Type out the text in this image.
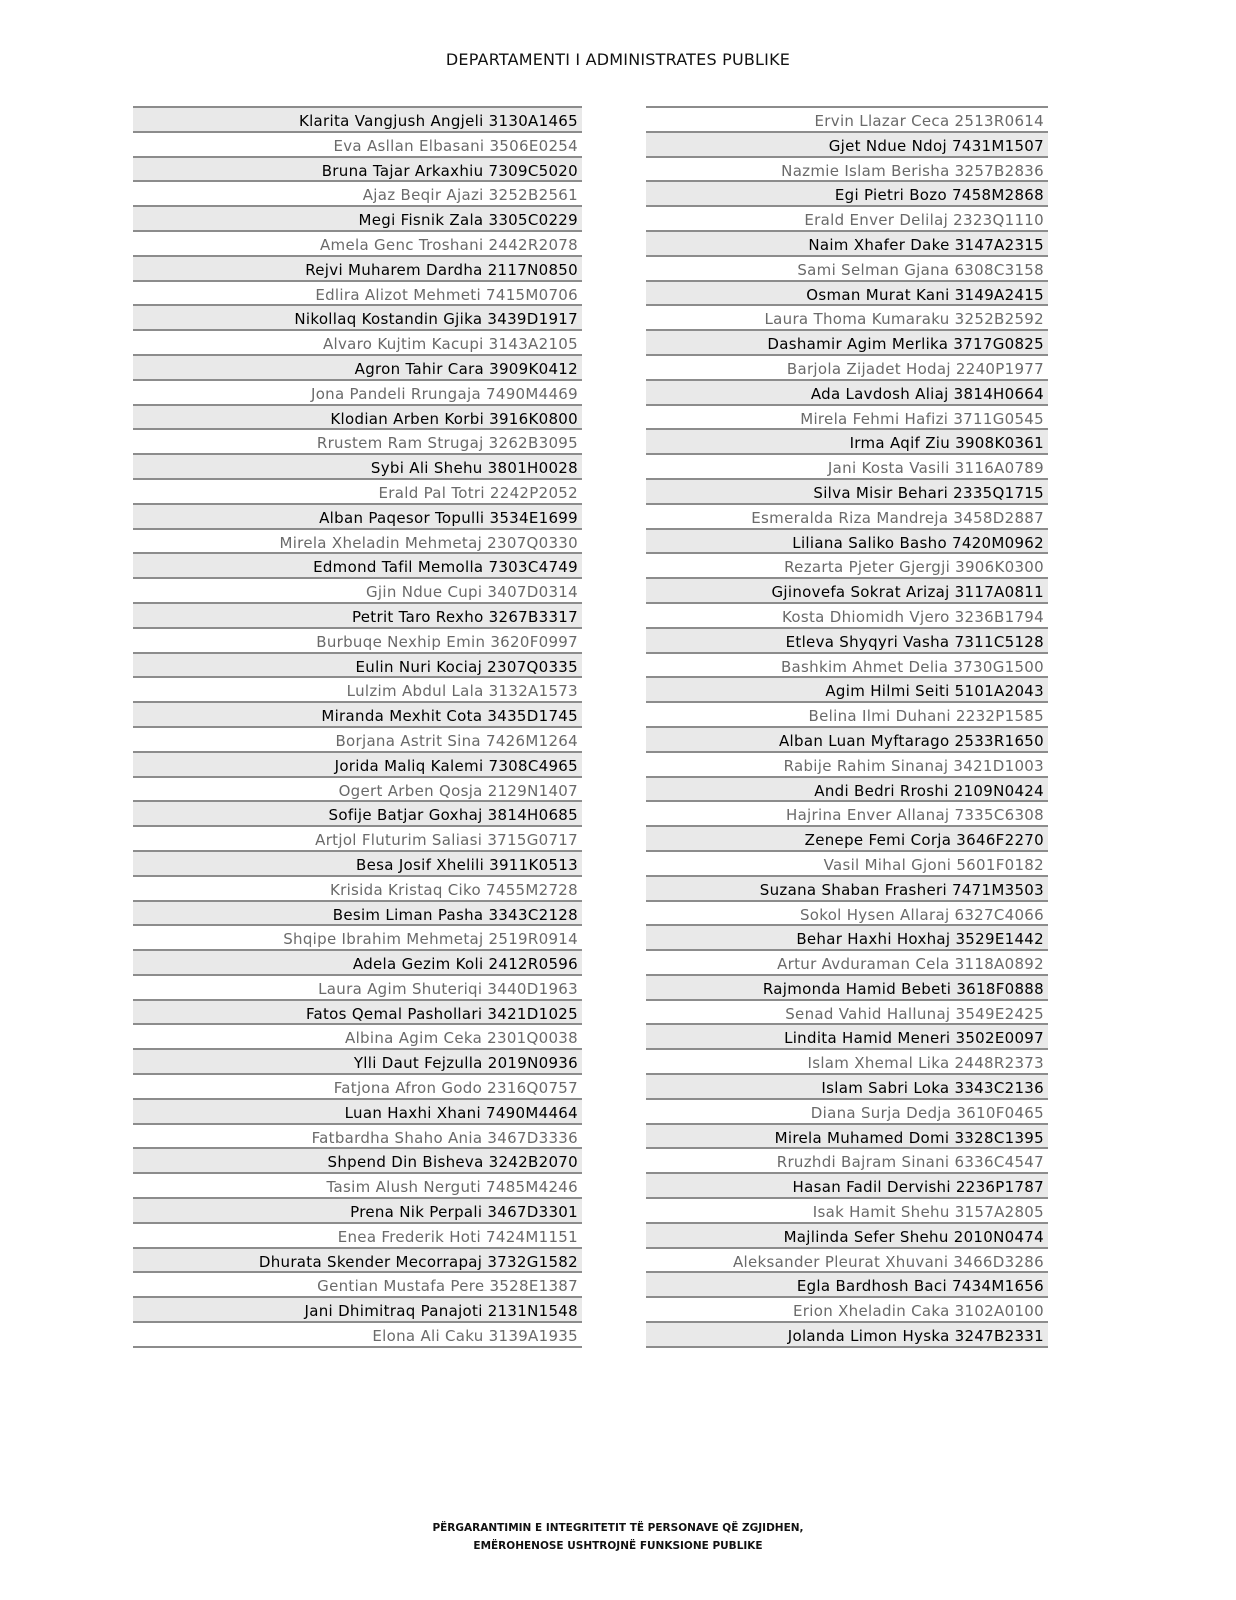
DEPARTAMENTI I ADMINISTRATES PUBLIKE
Klarita Vangjush Angjeli 3130A1465
Eva Asllan Elbasani 3506E0254
Bruna Tajar Arkaxhiu 7309C5020
Ajaz Beqir Ajazi 3252B2561
Megi Fisnik Zala 3305C0229
Amela Genc Troshani 2442R2078
Rejvi Muharem Dardha 2117N0850
Edlira Alizot Mehmeti 7415M0706
Nikollaq Kostandin Gjika 3439D1917
Alvaro Kujtim Kacupi 3143A2105
Agron Tahir Cara 3909K0412
Jona Pandeli Rrungaja 7490M4469
Klodian Arben Korbi 3916K0800
Rrustem Ram Strugaj 3262B3095
Sybi Ali Shehu 3801H0028
Erald Pal Totri 2242P2052
Alban Paqesor Topulli 3534E1699
Mirela Xheladin Mehmetaj 2307Q0330
Edmond Tafil Memolla 7303C4749
Gjin Ndue Cupi 3407D0314
Petrit Taro Rexho 3267B3317
Burbuqe Nexhip Emin 3620F0997
Eulin Nuri Kociaj 2307Q0335
Lulzim Abdul Lala 3132A1573
Miranda Mexhit Cota 3435D1745
Borjana Astrit Sina 7426M1264
Jorida Maliq Kalemi 7308C4965
Ogert Arben Qosja 2129N1407
Sofije Batjar Goxhaj 3814H0685
Artjol Fluturim Saliasi 3715G0717
Besa Josif Xhelili 3911K0513
Krisida Kristaq Ciko 7455M2728
Besim Liman Pasha 3343C2128
Shqipe Ibrahim Mehmetaj 2519R0914
Adela Gezim Koli 2412R0596
Laura Agim Shuteriqi 3440D1963
Fatos Qemal Pashollari 3421D1025
Albina Agim Ceka 2301Q0038
Ylli Daut Fejzulla 2019N0936
Fatjona Afron Godo 2316Q0757
Luan Haxhi Xhani 7490M4464
Fatbardha Shaho Ania 3467D3336
Shpend Din Bisheva 3242B2070
Tasim Alush Nerguti 7485M4246
Prena Nik Perpali 3467D3301
Enea Frederik Hoti 7424M1151
Dhurata Skender Mecorrapaj 3732G1582
Gentian Mustafa Pere 3528E1387
Jani Dhimitraq Panajoti 2131N1548
Elona Ali Caku 3139A1935
Ervin Llazar Ceca 2513R0614
Gjet Ndue Ndoj 7431M1507
Nazmie Islam Berisha 3257B2836
Egi Pietri Bozo 7458M2868
Erald Enver Delilaj 2323Q1110
Naim Xhafer Dake 3147A2315
Sami Selman Gjana 6308C3158
Osman Murat Kani 3149A2415
Laura Thoma Kumaraku 3252B2592
Dashamir Agim Merlika 3717G0825
Barjola Zijadet Hodaj 2240P1977
Ada Lavdosh Aliaj 3814H0664
Mirela Fehmi Hafizi 3711G0545
Irma Aqif Ziu 3908K0361
Jani Kosta Vasili 3116A0789
Silva Misir Behari 2335Q1715
Esmeralda Riza Mandreja 3458D2887
Liliana Saliko Basho 7420M0962
Rezarta Pjeter Gjergji 3906K0300
Gjinovefa Sokrat Arizaj 3117A0811
Kosta Dhiomidh Vjero 3236B1794
Etleva Shyqyri Vasha 7311C5128
Bashkim Ahmet Delia 3730G1500
Agim Hilmi Seiti 5101A2043
Belina Ilmi Duhani 2232P1585
Alban Luan Myftarago 2533R1650
Rabije Rahim Sinanaj 3421D1003
Andi Bedri Rroshi 2109N0424
Hajrina Enver Allanaj 7335C6308
Zenepe Femi Corja 3646F2270
Vasil Mihal Gjoni 5601F0182
Suzana Shaban Frasheri 7471M3503
Sokol Hysen Allaraj 6327C4066
Behar Haxhi Hoxhaj 3529E1442
Artur Avduraman Cela 3118A0892
Rajmonda Hamid Bebeti 3618F0888
Senad Vahid Hallunaj 3549E2425
Lindita Hamid Meneri 3502E0097
Islam Xhemal Lika 2448R2373
Islam Sabri Loka 3343C2136
Diana Surja Dedja 3610F0465
Mirela Muhamed Domi 3328C1395
Rruzhdi Bajram Sinani 6336C4547
Hasan Fadil Dervishi 2236P1787
Isak Hamit Shehu 3157A2805
Majlinda Sefer Shehu 2010N0474
Aleksander Pleurat Xhuvani 3466D3286
Egla Bardhosh Baci 7434M1656
Erion Xheladin Caka 3102A0100
Jolanda Limon Hyska 3247B2331
PËRGARANTIMIN E INTEGRITETIT TË PERSONAVE QË ZGJIDHEN,
EMËROHENOSE USHTROJNË FUNKSIONE PUBLIKE
